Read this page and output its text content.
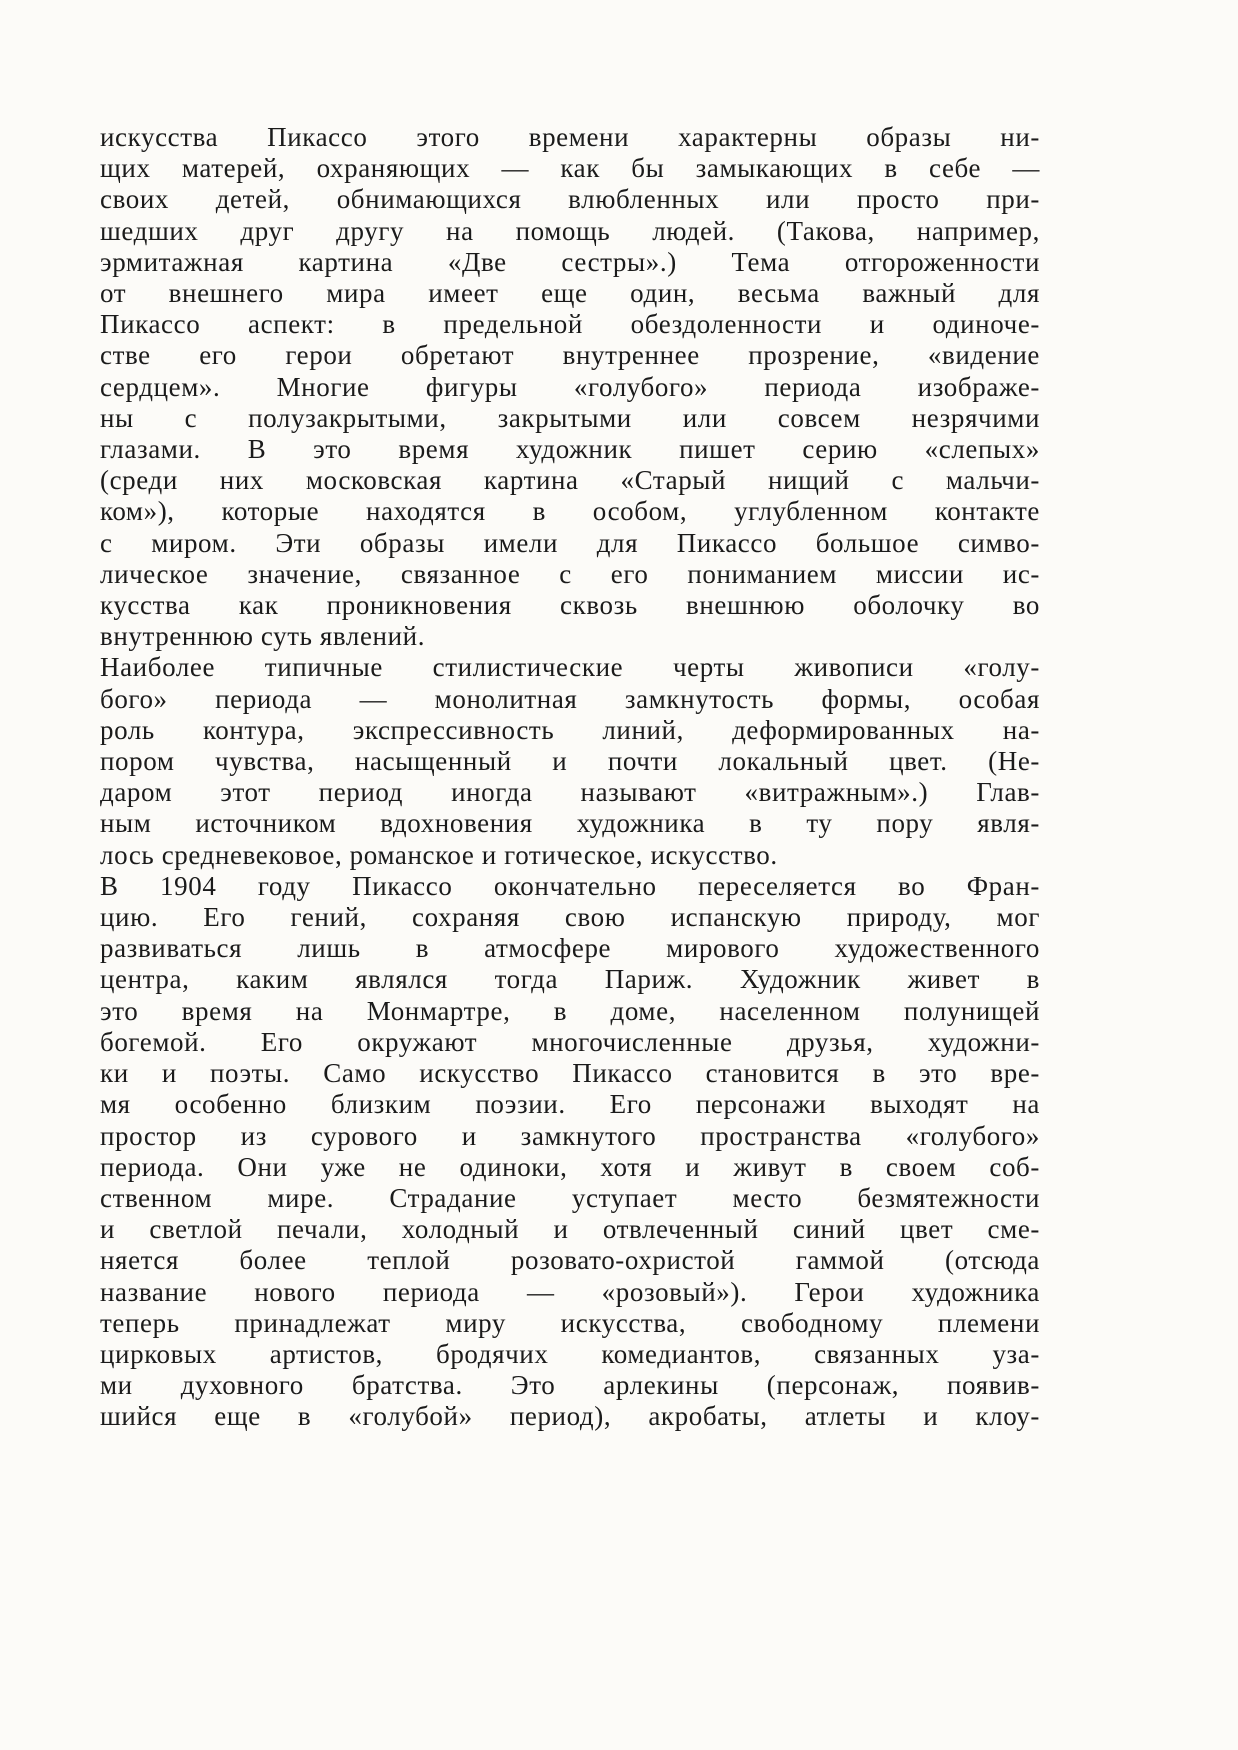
искусства Пикассо этого времени характерны образы ни-
щих матерей, охраняющих — как бы замыкающих в себе —
своих детей, обнимающихся влюбленных или просто при-
шедших друг другу на помощь людей. (Такова, например,
эрмитажная картина «Две сестры».) Тема отгороженности
от внешнего мира имеет еще один, весьма важный для
Пикассо аспект: в предельной обездоленности и одиноче-
стве его герои обретают внутреннее прозрение, «видение
сердцем». Многие фигуры «голубого» периода изображе-
ны с полузакрытыми, закрытыми или совсем незрячими
глазами. В это время художник пишет серию «слепых»
(среди них московская картина «Старый нищий с мальчи-
ком»), которые находятся в особом, углубленном контакте
с миром. Эти образы имели для Пикассо большое симво-
лическое значение, связанное с его пониманием миссии ис-
кусства как проникновения сквозь внешнюю оболочку во
внутреннюю суть явлений.
Наиболее типичные стилистические черты живописи «голу-
бого» периода — монолитная замкнутость формы, особая
роль контура, экспрессивность линий, деформированных на-
пором чувства, насыщенный и почти локальный цвет. (Не-
даром этот период иногда называют «витражным».) Глав-
ным источником вдохновения художника в ту пору явля-
лось средневековое, романское и готическое, искусство.
В 1904 году Пикассо окончательно переселяется во Фран-
цию. Его гений, сохраняя свою испанскую природу, мог
развиваться лишь в атмосфере мирового художественного
центра, каким являлся тогда Париж. Художник живет в
это время на Монмартре, в доме, населенном полунищей
богемой. Его окружают многочисленные друзья, художни-
ки и поэты. Само искусство Пикассо становится в это вре-
мя особенно близким поэзии. Его персонажи выходят на
простор из сурового и замкнутого пространства «голубого»
периода. Они уже не одиноки, хотя и живут в своем соб-
ственном мире. Страдание уступает место безмятежности
и светлой печали, холодный и отвлеченный синий цвет сме-
няется более теплой розовато-охристой гаммой (отсюда
название нового периода — «розовый»). Герои художника
теперь принадлежат миру искусства, свободному племени
цирковых артистов, бродячих комедиантов, связанных уза-
ми духовного братства. Это арлекины (персонаж, появив-
шийся еще в «голубой» период), акробаты, атлеты и клоу-
